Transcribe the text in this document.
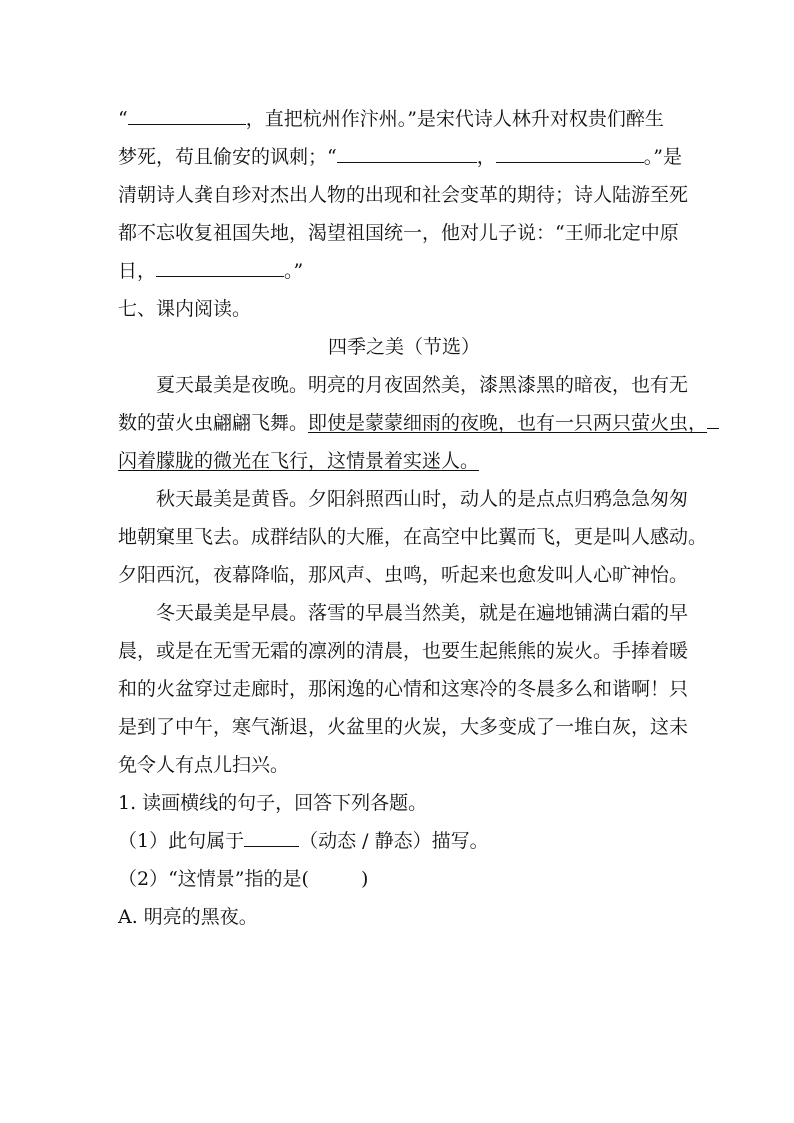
“	，直把杭州作汴州。”是宋代诗人林升对权贵们醉生
梦死，苟且偷安的讽刺；“	，	。”是
清朝诗人龚自珍对杰出人物的出现和社会变革的期待；诗人陆游至死
都不忘收复祖国失地，渴望祖国统一，他对儿子说：“王师北定中原
日，	。”
七、课内阅读。
四季之美（节选）
夏天最美是夜晚。明亮的月夜固然美，漆黑漆黑的暗夜，也有无
数的萤火虫翩翩飞舞。即使是蒙蒙细雨的夜晚，也有一只两只萤火虫，
闪着朦胧的微光在飞行，这情景着实迷人。
秋天最美是黄昏。夕阳斜照西山时，动人的是点点归鸦急急匆匆
地朝窠里飞去。成群结队的大雁，在高空中比翼而飞，更是叫人感动。
夕阳西沉，夜幕降临，那风声、虫鸣，听起来也愈发叫人心旷神怡。
冬天最美是早晨。落雪的早晨当然美，就是在遍地铺满白霜的早
晨，或是在无雪无霜的凛冽的清晨，也要生起熊熊的炭火。手捧着暖
和的火盆穿过走廊时，那闲逸的心情和这寒冷的冬晨多么和谐啊！只
是到了中午，寒气渐退，火盆里的火炭，大多变成了一堆白灰，这未
免令人有点儿扫兴。
1. 读画横线的句子，回答下列各题。
（1）此句属于	（动态 / 静态）描写。
（2）“这情景”指的是(	)
A. 明亮的黑夜。
